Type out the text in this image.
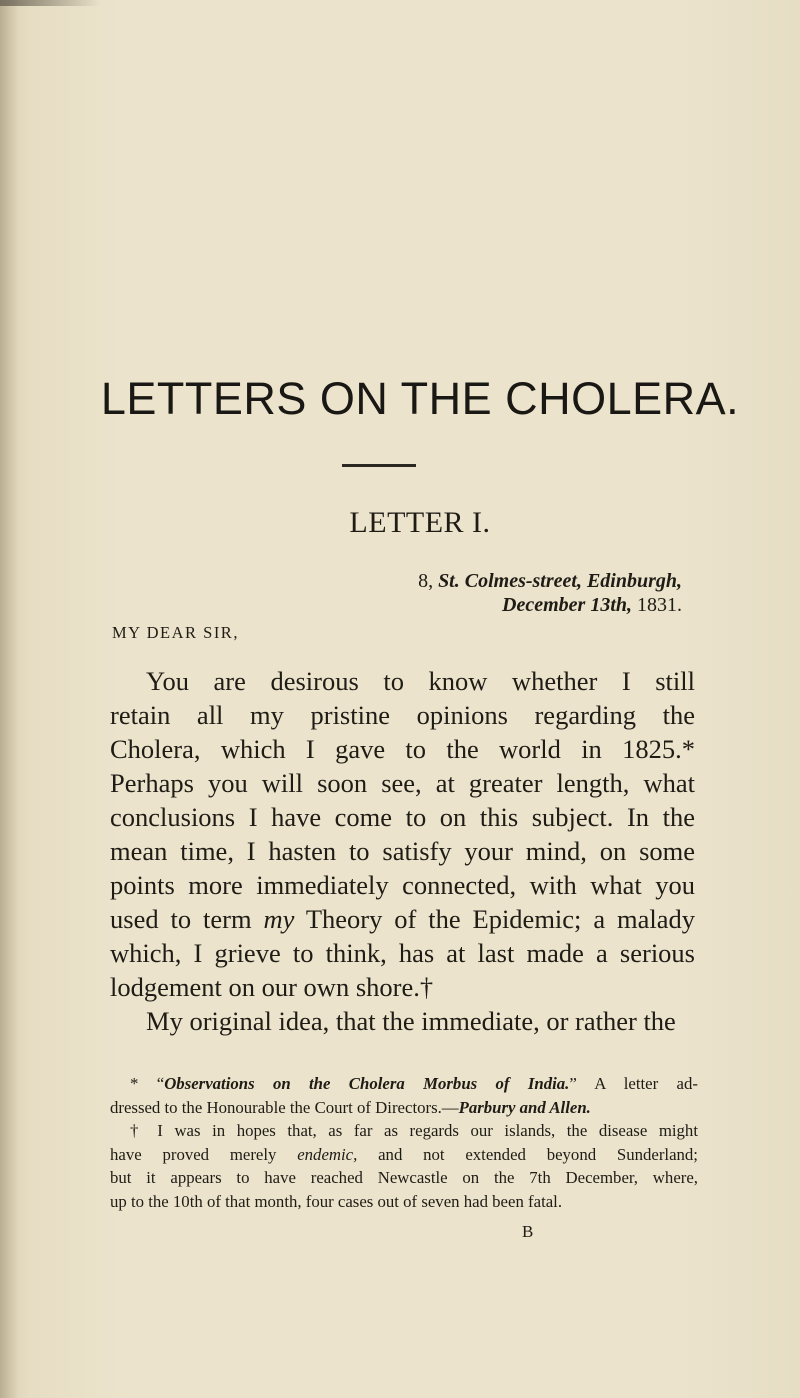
LETTERS ON THE CHOLERA.
LETTER I.
8, St. Colmes-street, Edinburgh,
December 13th, 1831.
MY DEAR SIR,
You are desirous to know whether I still
retain all my pristine opinions regarding the
Cholera, which I gave to the world in 1825.*
Perhaps you will soon see, at greater length, what
conclusions I have come to on this subject. In the
mean time, I hasten to satisfy your mind, on some
points more immediately connected, with what you
used to term my Theory of the Epidemic; a malady
which, I grieve to think, has at last made a serious
lodgement on our own shore.†
My original idea, that the immediate, or rather the
* “Observations on the Cholera Morbus of India.” A letter ad-
dressed to the Honourable the Court of Directors.—Parbury and Allen.
† I was in hopes that, as far as regards our islands, the disease might
have proved merely endemic, and not extended beyond Sunderland;
but it appears to have reached Newcastle on the 7th December, where,
up to the 10th of that month, four cases out of seven had been fatal.
B
